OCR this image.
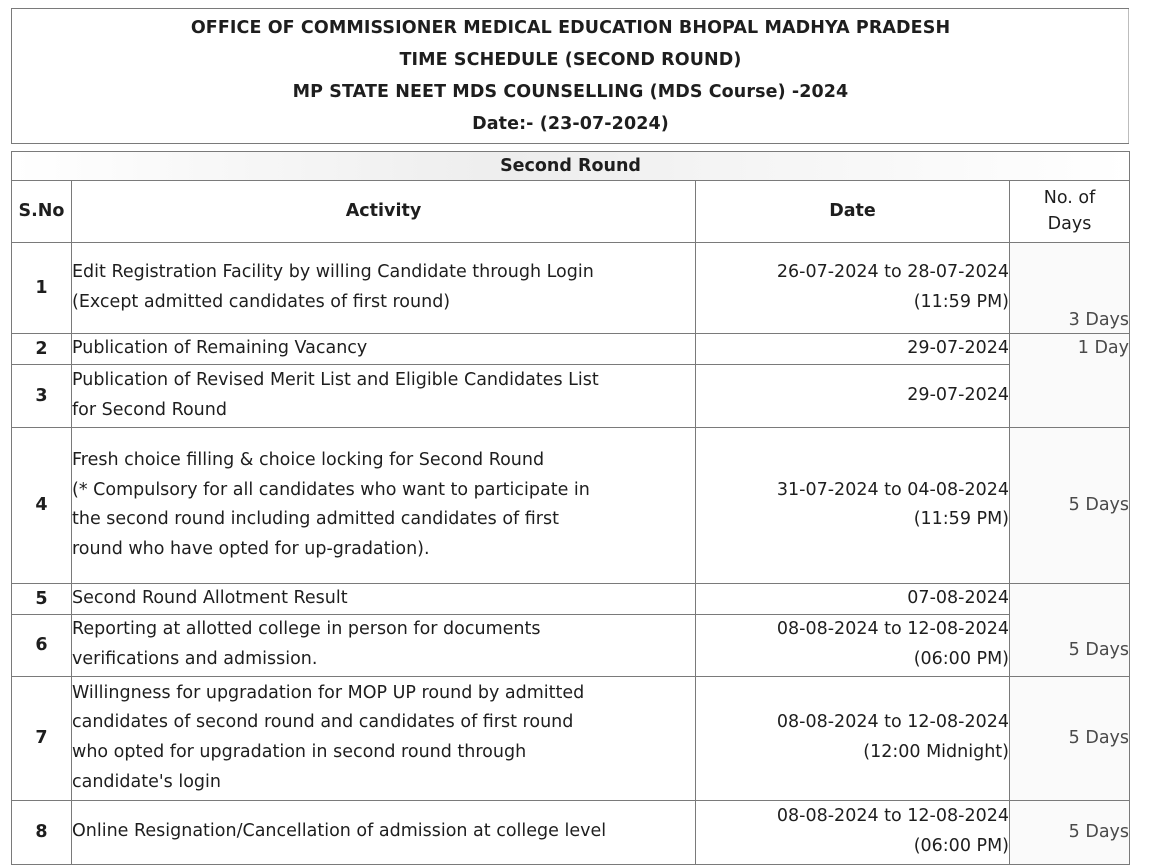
OFFICE OF COMMISSIONER MEDICAL EDUCATION BHOPAL MADHYA PRADESH
TIME SCHEDULE (SECOND ROUND)
MP STATE NEET MDS COUNSELLING (MDS Course) -2024
Date:- (23-07-2024)
Second Round			
S.No	Activity	Date	No. of
Days
1	Edit Registration Facility by willing Candidate through Login
(Except admitted candidates of first round)	26-07-2024 to 28-07-2024
(11:59 PM)	3 Days
2	Publication of Remaining Vacancy	29-07-2024	1 Day
3	Publication of Revised Merit List and Eligible Candidates List
for Second Round	29-07-2024	
4	Fresh choice filling & choice locking for Second Round
(* Compulsory for all candidates who want to participate in
the second round including admitted candidates of first
round who have opted for up-gradation).	31-07-2024 to 04-08-2024
(11:59 PM)	5 Days
5	Second Round Allotment Result	07-08-2024	5 Days
6	Reporting at allotted college in person for documents
verifications and admission.	08-08-2024 to 12-08-2024
(06:00 PM)	
7	Willingness for upgradation for MOP UP round by admitted
candidates of second round and candidates of first round
who opted for upgradation in second round through
candidate's login	08-08-2024 to 12-08-2024
(12:00 Midnight)	5 Days
8	Online Resignation/Cancellation of admission at college level	08-08-2024 to 12-08-2024
(06:00 PM)	5 Days
